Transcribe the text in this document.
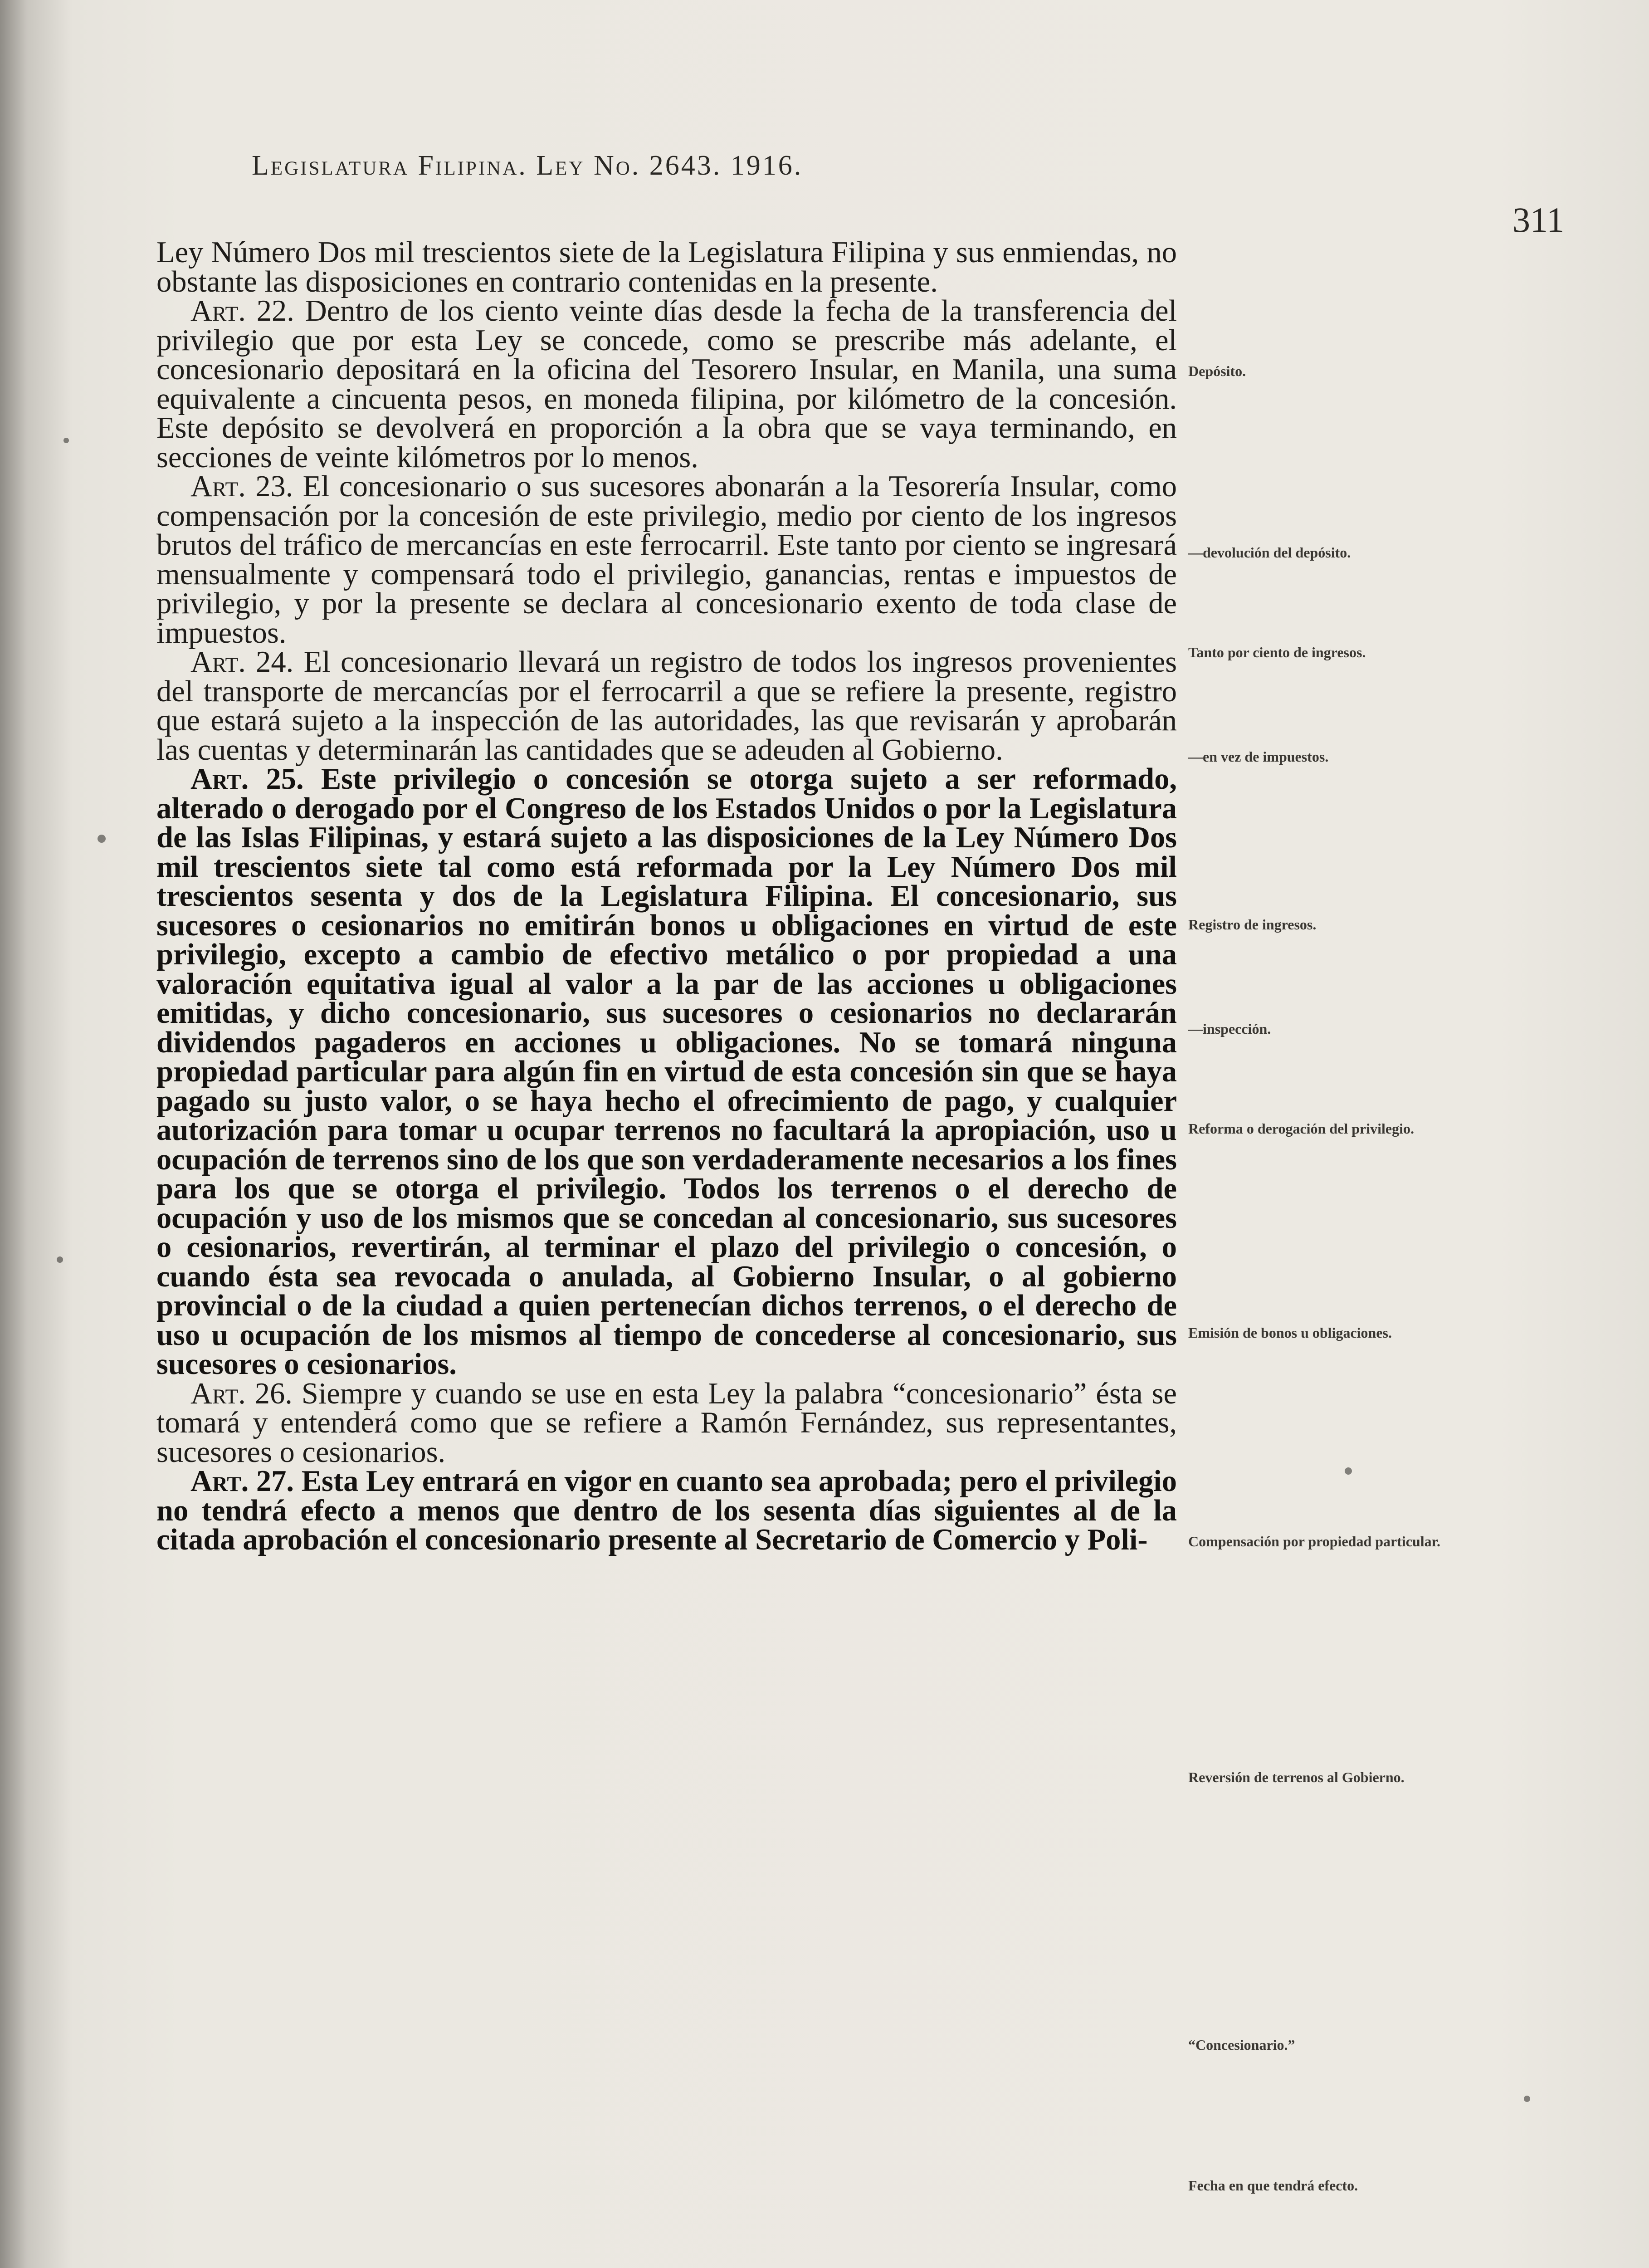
Legislatura Filipina. Ley No. 2643. 1916.
311

Ley Número Dos mil trescientos siete de la Legislatura Filipina y sus enmiendas, no obstante las disposiciones en contrario contenidas en la presente.

Art. 22. Dentro de los ciento veinte días desde la fecha de la transferencia del privilegio que por esta Ley se concede, como se prescribe más adelante, el concesionario depositará en la oficina del Tesorero Insular, en Manila, una suma equivalente a cincuenta pesos, en moneda filipina, por kilómetro de la concesión. Este depósito se devolverá en proporción a la obra que se vaya terminando, en secciones de veinte kilómetros por lo menos.

Art. 23. El concesionario o sus sucesores abonarán a la Tesorería Insular, como compensación por la concesión de este privilegio, medio por ciento de los ingresos brutos del tráfico de mercancías en este ferrocarril. Este tanto por ciento se ingresará mensualmente y compensará todo el privilegio, ganancias, rentas e impuestos de privilegio, y por la presente se declara al concesionario exento de toda clase de impuestos.

Art. 24. El concesionario llevará un registro de todos los ingresos provenientes del transporte de mercancías por el ferrocarril a que se refiere la presente, registro que estará sujeto a la inspección de las autoridades, las que revisarán y aprobarán las cuentas y determinarán las cantidades que se adeuden al Gobierno.

Art. 25. Este privilegio o concesión se otorga sujeto a ser reformado, alterado o derogado por el Congreso de los Estados Unidos o por la Legislatura de las Islas Filipinas, y estará sujeto a las disposiciones de la Ley Número Dos mil trescientos siete tal como está reformada por la Ley Número Dos mil trescientos sesenta y dos de la Legislatura Filipina. El concesionario, sus sucesores o cesionarios no emitirán bonos u obligaciones en virtud de este privilegio, excepto a cambio de efectivo metálico o por propiedad a una valoración equitativa igual al valor a la par de las acciones u obligaciones emitidas, y dicho concesionario, sus sucesores o cesionarios no declararán dividendos pagaderos en acciones u obligaciones. No se tomará ninguna propiedad particular para algún fin en virtud de esta concesión sin que se haya pagado su justo valor, o se haya hecho el ofrecimiento de pago, y cualquier autorización para tomar u ocupar terrenos no facultará la apropiación, uso u ocupación de terrenos sino de los que son verdaderamente necesarios a los fines para los que se otorga el privilegio. Todos los terrenos o el derecho de ocupación y uso de los mismos que se concedan al concesionario, sus sucesores o cesionarios, revertirán, al terminar el plazo del privilegio o concesión, o cuando ésta sea revocada o anulada, al Gobierno Insular, o al gobierno provincial o de la ciudad a quien pertenecían dichos terrenos, o el derecho de uso u ocupación de los mismos al tiempo de concederse al concesionario, sus sucesores o cesionarios.

Art. 26. Siempre y cuando se use en esta Ley la palabra “concesionario” ésta se tomará y entenderá como que se refiere a Ramón Fernández, sus representantes, sucesores o cesionarios.

Art. 27. Esta Ley entrará en vigor en cuanto sea aprobada; pero el privilegio no tendrá efecto a menos que dentro de los sesenta días siguientes al de la citada aprobación el concesionario presente al Secretario de Comercio y Poli-

Depósito.
—devolución del depósito.
Tanto por ciento de ingresos.
—en vez de impuestos.
Registro de ingresos.
—inspección.
Reforma o derogación del privilegio.
Emisión de bonos u obligaciones.
Compensación por propiedad particular.
Reversión de terrenos al Gobierno.
“Concesionario.”
Fecha en que tendrá efecto.
